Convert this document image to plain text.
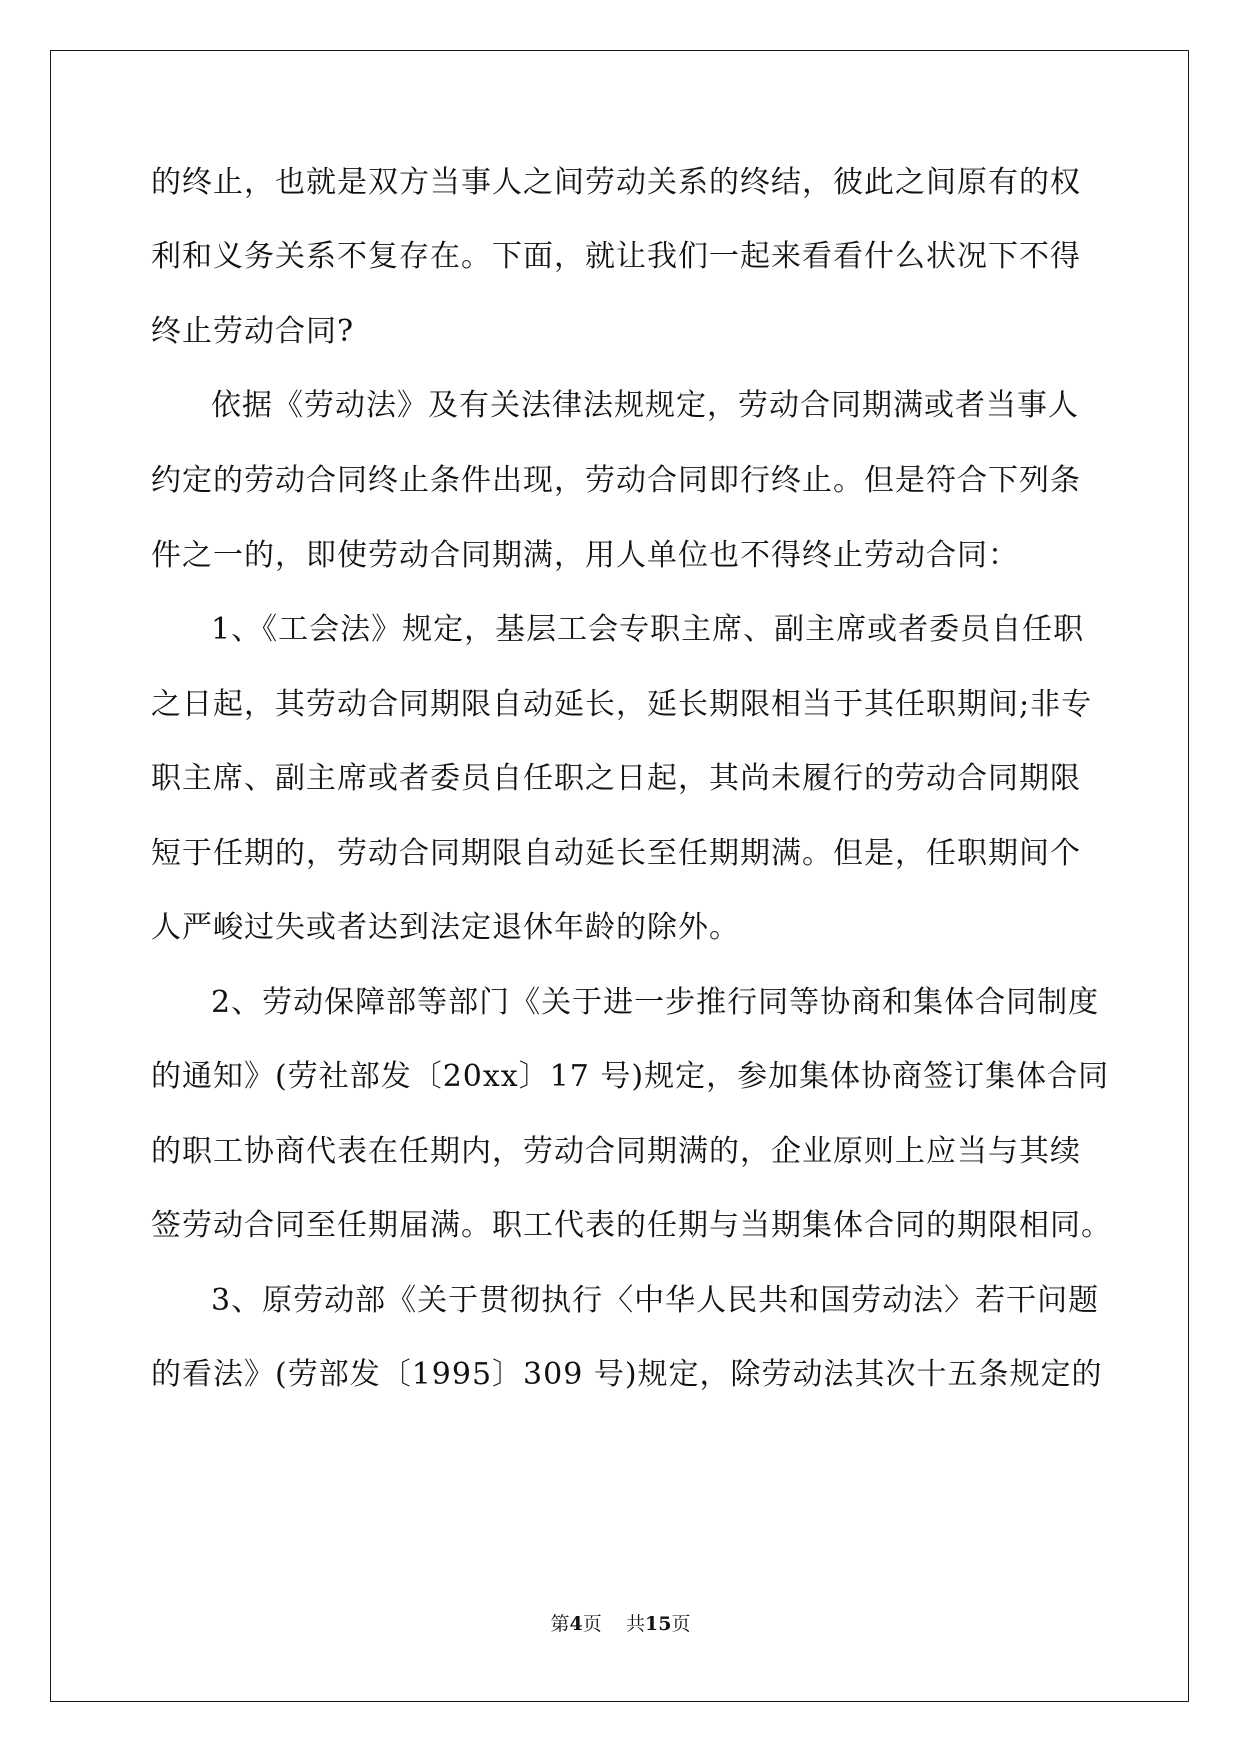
的终止，也就是双方当事人之间劳动关系的终结，彼此之间原有的权
利和义务关系不复存在。下面，就让我们一起来看看什么状况下不得
终止劳动合同?
依据《劳动法》及有关法律法规规定，劳动合同期满或者当事人
约定的劳动合同终止条件出现，劳动合同即行终止。但是符合下列条
件之一的，即使劳动合同期满，用人单位也不得终止劳动合同：
1、《工会法》规定，基层工会专职主席、副主席或者委员自任职
之日起，其劳动合同期限自动延长，延长期限相当于其任职期间;非专
职主席、副主席或者委员自任职之日起，其尚未履行的劳动合同期限
短于任期的，劳动合同期限自动延长至任期期满。但是，任职期间个
人严峻过失或者达到法定退休年龄的除外。
2、劳动保障部等部门《关于进一步推行同等协商和集体合同制度
的通知》(劳社部发〔20xx〕17 号)规定，参加集体协商签订集体合同
的职工协商代表在任期内，劳动合同期满的，企业原则上应当与其续
签劳动合同至任期届满。职工代表的任期与当期集体合同的期限相同。
3、原劳动部《关于贯彻执行〈中华人民共和国劳动法〉若干问题
的看法》(劳部发〔1995〕309 号)规定，除劳动法其次十五条规定的
第4页 共15页
